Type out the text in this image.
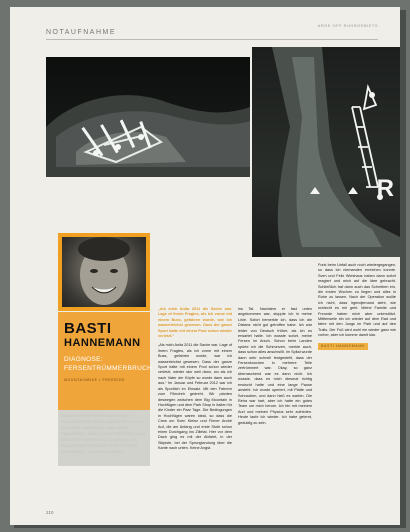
NOTAUFNAHME
ARGE OFF RUHRGEBIETS
R
BASTI
HANNEMANN
DIAGNOSE:
FERSENTRÜMMERBRUCH
MOUNTAINBIKE • FREERIDE
HALBE ICH FREERIDER WAR, IN DEN VERGANGENEN SAISON MEDAL PRAKTISCH ALS BASTI HANNEMANN. WIR, BASTI HANNEMANN, NEBEN DEM FREERIDER NACH DEM DORT FAHRER UND STUNTMAN, IM RAHMEN DER WERBUNG. HIER IST SEINE GESCHICHTE, NACH DEM UNFALL.
„Als mich Anita 2011 die Sache war. Lage of ihrem Fragtes, als ich vorne mit einem Buss, gefahren wurde, war ich wasserleichst gewesen. Dass der ganze Sport hatte mit einem Pool schon wieder verletzt.“
„Als mich Anita 2011 die Sache war. Lage of ihrem Fragtes, als ich vorne mit einem Buss, gefahren wurde, war ich wasserleichst gewesen. Dass der ganze Sport hatte mit einem Pool schon wieder verletzt, wieder stur weil dann, wo als ich nach Vater der Köpfe so wurde dann auch aus.“ Im Januar und Februar 2012 war ich als Sportlich im Einsatz. Mit den Fahrern zum Filmdreh gedreht. Wir planten deswegen zwischen dem Big Mountain in Hochfügen und dem Park Shop in Italien für die Kinder ein Paar Tage. Die Bedingungen in Hochfügen waren ideal, so dass die Crew um Sven Kleinz und Finner André Auf, die am Anfang und erste Stufe schon einen Durchgang ins Zilletal. Hier vor dem Dach ging es mit der Abfahrt, in der Skipiste, bei der Sprunglandung über die Kante nach unten. Keine Angst.
ins Tal. Nachdem er fast unten angekommen war, stoppte ich in meine Linie. Sofort bemerkte ich, dass ich die Distanz nicht gut getroffen habe. Ich war leider von Deutsch früher, als ich es erwartet hatte. Ich wusste sofort, meine Fersen im Arsch. Schon beim Landen spürte ich die Schmerzen, merkte auch, dass schon alles anschwillt. Im Spital wurde dann sehr schnell festgestellt, dass der Fersenknochen in mehrere Teile zertrümmert war. Okay, so ganz überraschend war es dann nicht. Ich wusste, dass es mich diesmal richtig erwischt hatte und eine lange Pause ansteht. Ich wurde operiert, mit Platte und Schrauben, und dann hieß es warten. Die Reha war hart, aber ich hatte ein gutes Team um mich herum. Ich bin mit meinem Arzt und meinen Physios sehr zufrieden. Heute laufe ich wieder. Ich habe gelernt, geduldig zu sein.
Funk beim Unfall auch noch wiedergegangen, so dass ich niemanden erreichen konnte. Sven und Felix Wieshaus haben dann sofort reagiert und mich auf die Idee gebracht. Schließlich traf dann auch das Schreiben ein, die ersten Wochen zu liegen und alles in Ruhe zu lassen. Nach der Operation wollte ich nicht, dass irgendjemand sieht, wie schlecht es mir geht. Meine Familie und Freunde haben mich aber unterstützt. Mittlerweile bin ich wieder auf dem Rad und fahre mit den Jungs im Park und auf den Trails. Der Fuß wird wohl nie wieder ganz wie vorher, aber ich komme damit klar.
BASTI HANNEMANN
210
